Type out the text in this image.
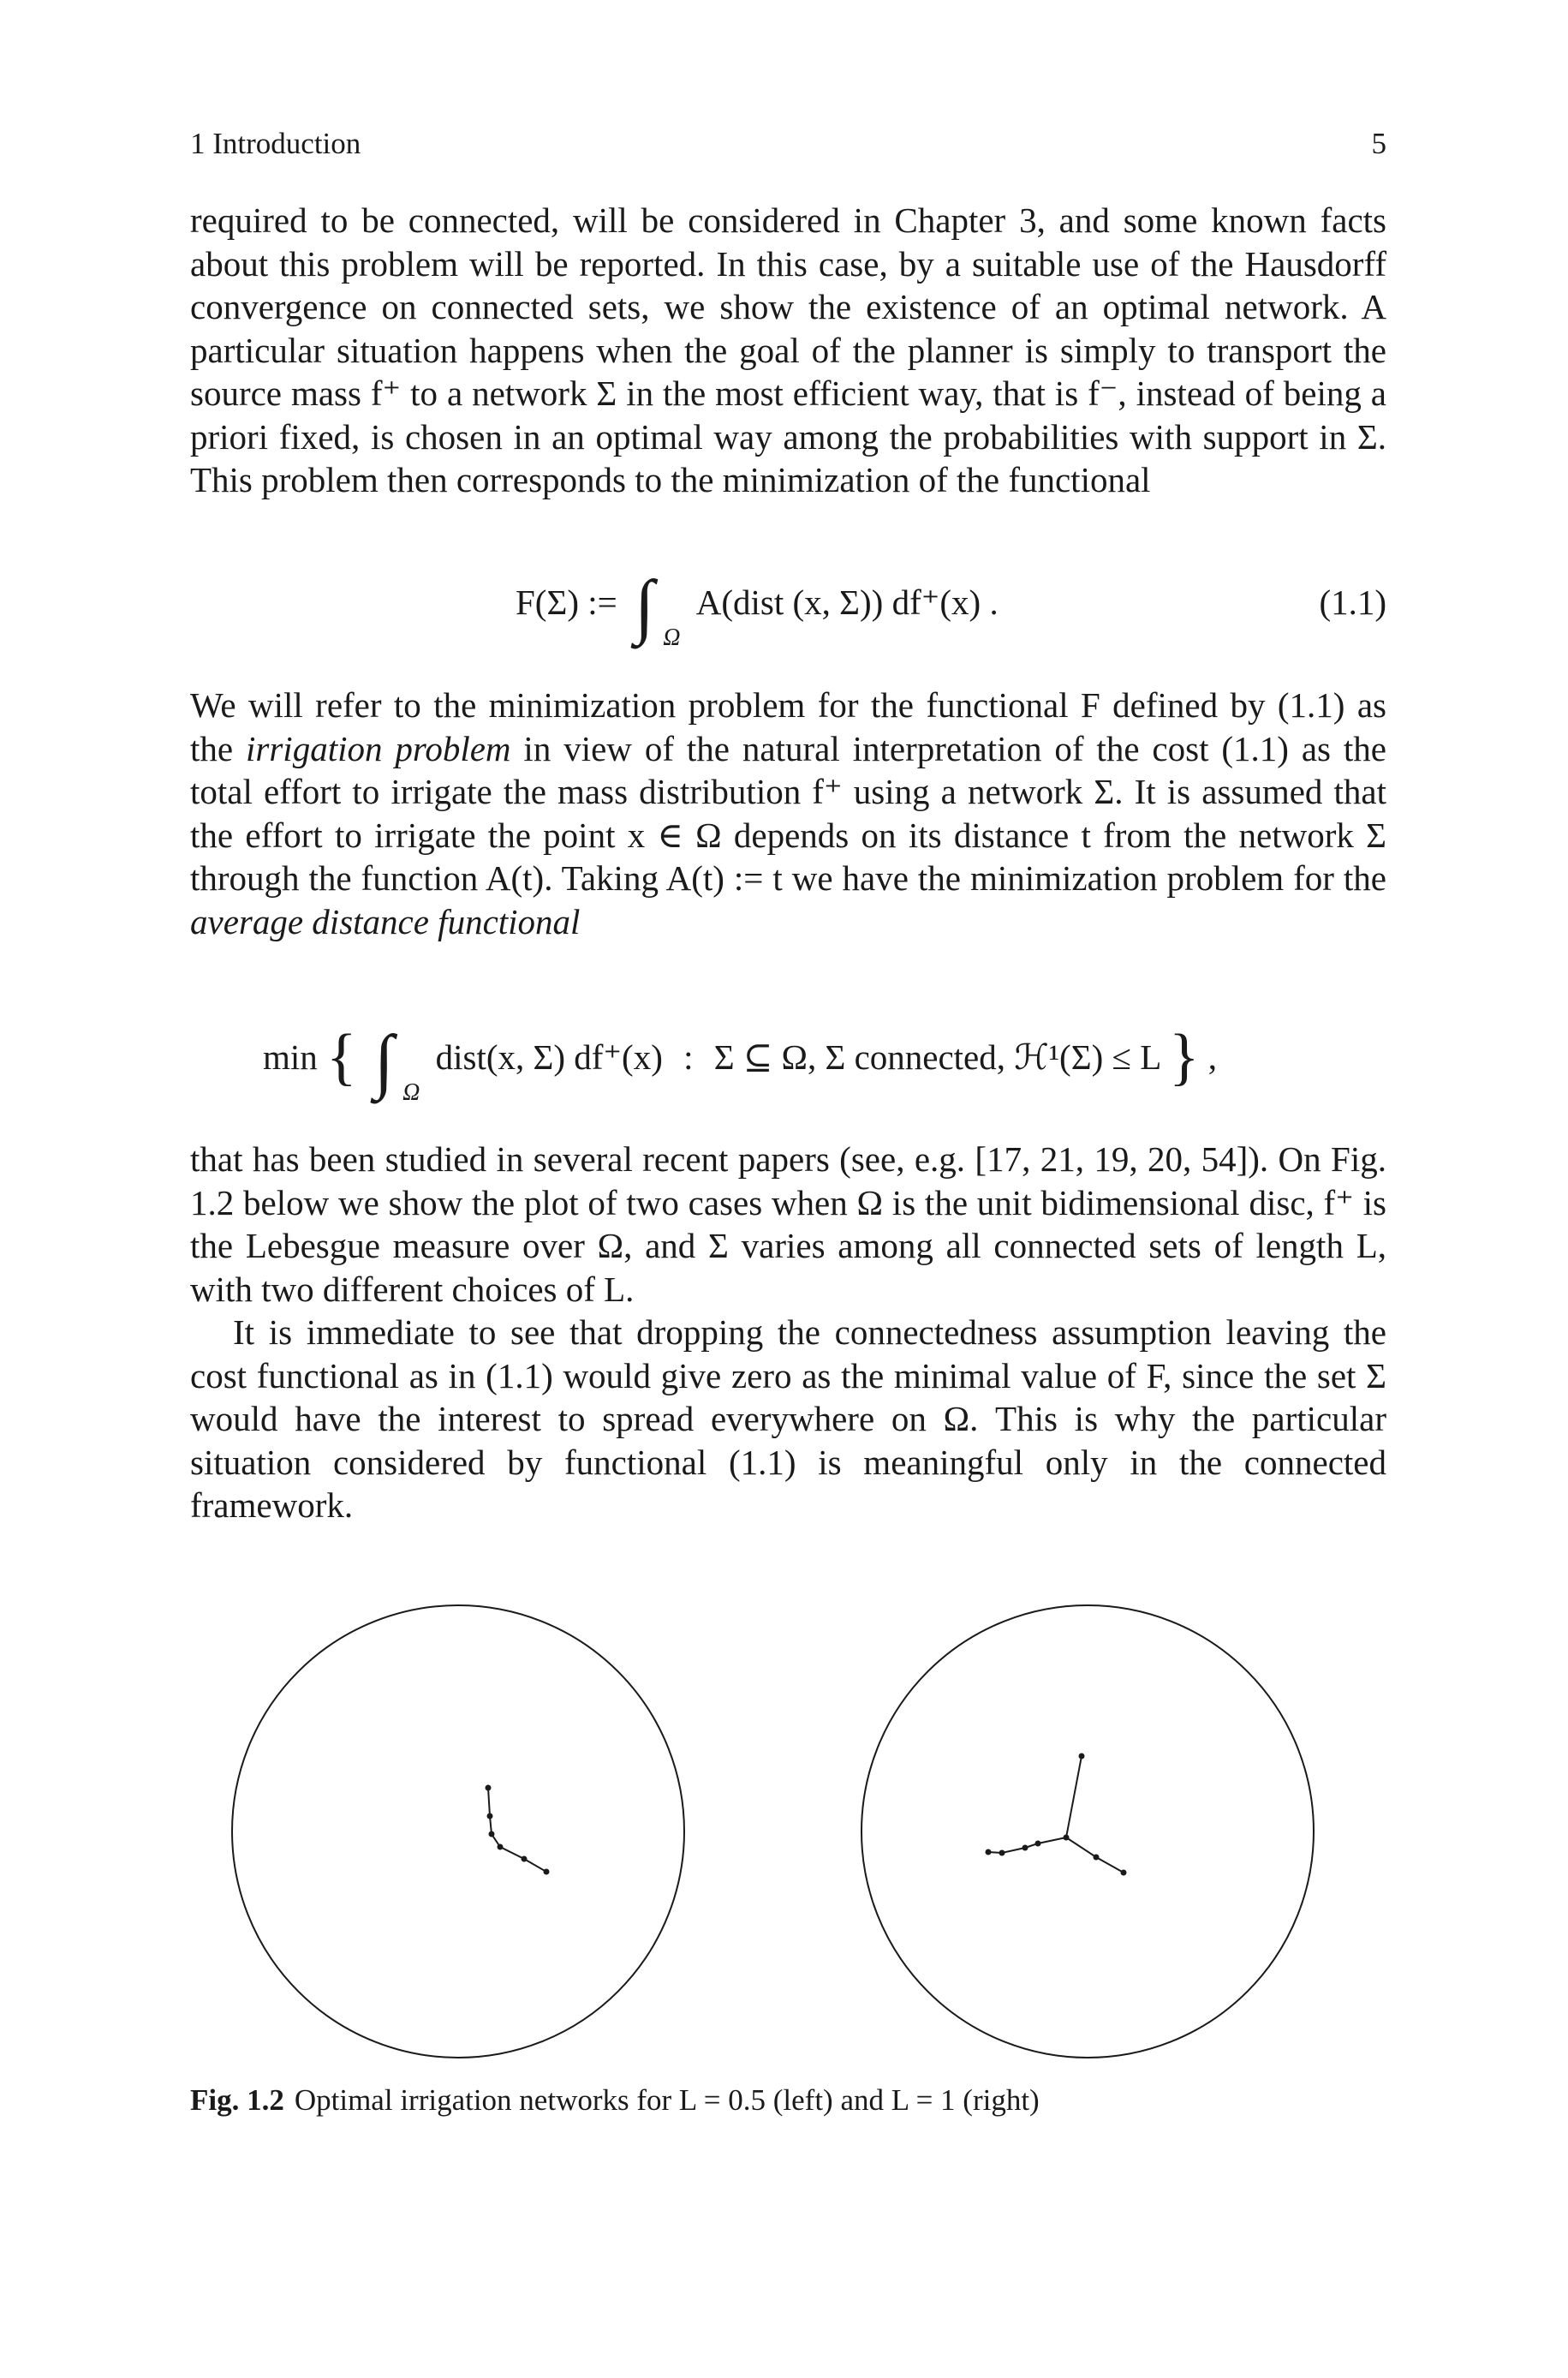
1 Introduction	5
required to be connected, will be considered in Chapter 3, and some known facts about this problem will be reported. In this case, by a suitable use of the Hausdorff convergence on connected sets, we show the existence of an optimal network. A particular situation happens when the goal of the planner is simply to transport the source mass f⁺ to a network Σ in the most efficient way, that is f⁻, instead of being a priori fixed, is chosen in an optimal way among the probabilities with support in Σ. This problem then corresponds to the minimization of the functional
F(Σ) := ∫ $_\Omega$ A(dist (x, Σ)) df⁺(x) .	(1.1)
We will refer to the minimization problem for the functional F defined by (1.1) as the irrigation problem in view of the natural interpretation of the cost (1.1) as the total effort to irrigate the mass distribution f⁺ using a network Σ. It is assumed that the effort to irrigate the point x ∈ Ω depends on its distance t from the network Σ through the function A(t). Taking A(t) := t we have the minimization problem for the average distance functional
min { ∫ $_\Omega$ dist(x, Σ) df⁺(x) : Σ ⊆ Ω, Σ connected, ℋ¹(Σ) ≤ L } ,
that has been studied in several recent papers (see, e.g. [17, 21, 19, 20, 54]). On Fig. 1.2 below we show the plot of two cases when Ω is the unit bidimensional disc, f⁺ is the Lebesgue measure over Ω, and Σ varies among all connected sets of length L, with two different choices of L.
It is immediate to see that dropping the connectedness assumption leaving the cost functional as in (1.1) would give zero as the minimal value of F, since the set Σ would have the interest to spread everywhere on Ω. This is why the particular situation considered by functional (1.1) is meaningful only in the connected framework.
Fig. 1.2 Optimal irrigation networks for L = 0.5 (left) and L = 1 (right)
